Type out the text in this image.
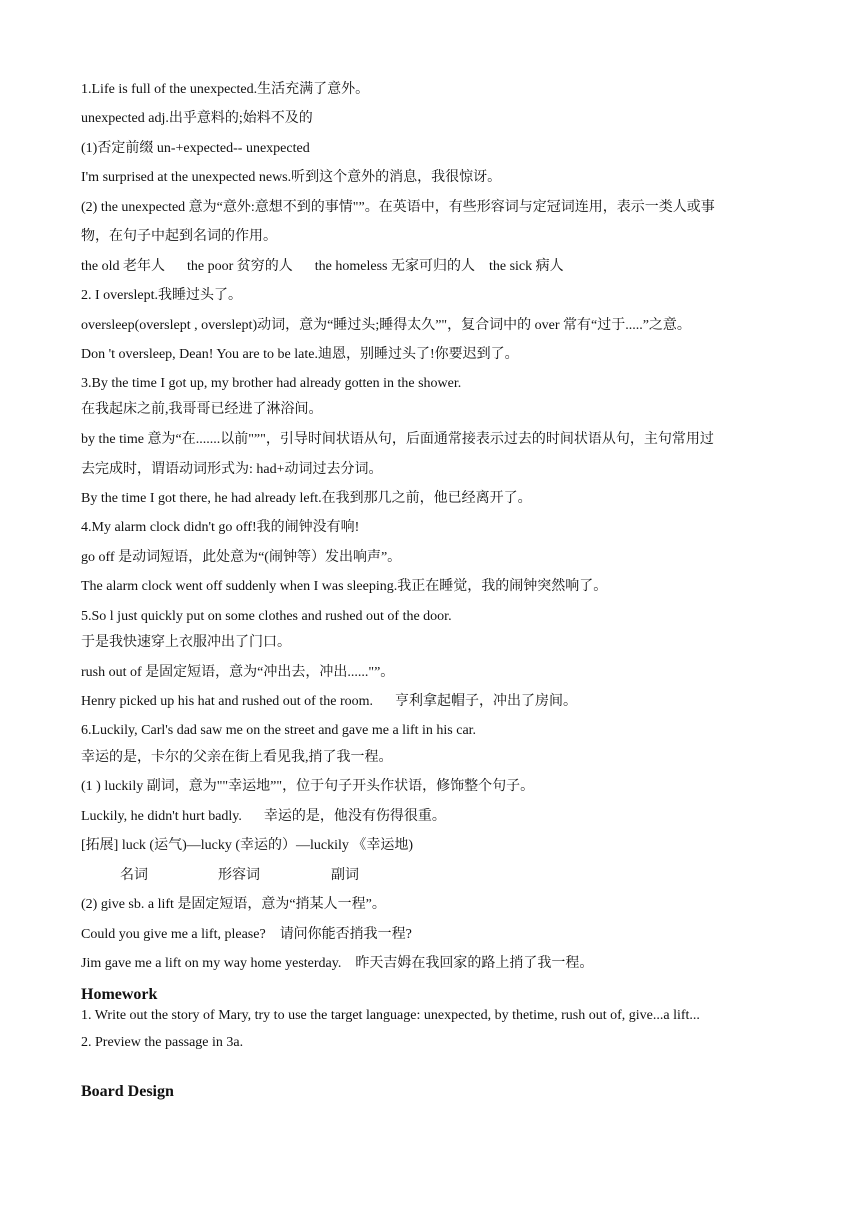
1.Life is full of the unexpected.生活充满了意外。
unexpected adj.出乎意料的;始料不及的
(1)否定前缀 un-+expected-- unexpected
I'm surprised at the unexpected news.听到这个意外的消息，我很惊讶。
(2) the unexpected 意为“意外:意想不到的事情"”。在英语中，有些形容词与定冠词连用，表示一类人或事
物，在句子中起到名词的作用。
the old 老年人 the poor 贫穷的人 the homeless 无家可归的人 the sick 病人
2. I overslept.我睡过头了。
oversleep(overslept , overslept)动词，意为“睡过头;睡得太久”"，复合词中的 over 常有“过于.....”之意。
Don 't oversleep, Dean! You are to be late.迪恩，别睡过头了!你要迟到了。
3.By the time I got up, my brother had already gotten in the shower.
在我起床之前,我哥哥已经进了淋浴间。
by the time 意为“在.......以前"”"，引导时间状语从句，后面通常接表示过去的时间状语从句，主句常用过
去完成时，谓语动词形式为: had+动词过去分词。
By the time I got there, he had already left.在我到那几之前，他已经离开了。
4.My alarm clock didn't go off!我的闹钟没有响!
go off 是动词短语，此处意为“(闹钟等）发出响声”。
The alarm clock went off suddenly when I was sleeping.我正在睡觉，我的闹钟突然响了。
5.So l just quickly put on some clothes and rushed out of the door.
于是我快速穿上衣服冲出了门口。
rush out of 是固定短语，意为“冲出去，冲出......"”。
Henry picked up his hat and rushed out of the room. 亨利拿起帽子，冲出了房间。
6.Luckily, Carl's dad saw me on the street and gave me a lift in his car.
幸运的是，卡尔的父亲在街上看见我,捎了我一程。
(1 ) luckily 副词，意为""幸运地”"，位于句子开头作状语，修饰整个句子。
Luckily, he didn't hurt badly. 幸运的是，他没有伤得很重。
[拓展] luck (运气)—lucky (幸运的）—luckily 《幸运地)
名词	形容词	副词
(2) give sb. a lift 是固定短语，意为“捎某人一程”。
Could you give me a lift, please? 请问你能否捎我一程?
Jim gave me a lift on my way home yesterday. 昨天吉姆在我回家的路上捎了我一程。
Homework
1. Write out the story of Mary, try to use the target language: unexpected, by thetime, rush out of, give...a lift...
2. Preview the passage in 3a.
Board Design
